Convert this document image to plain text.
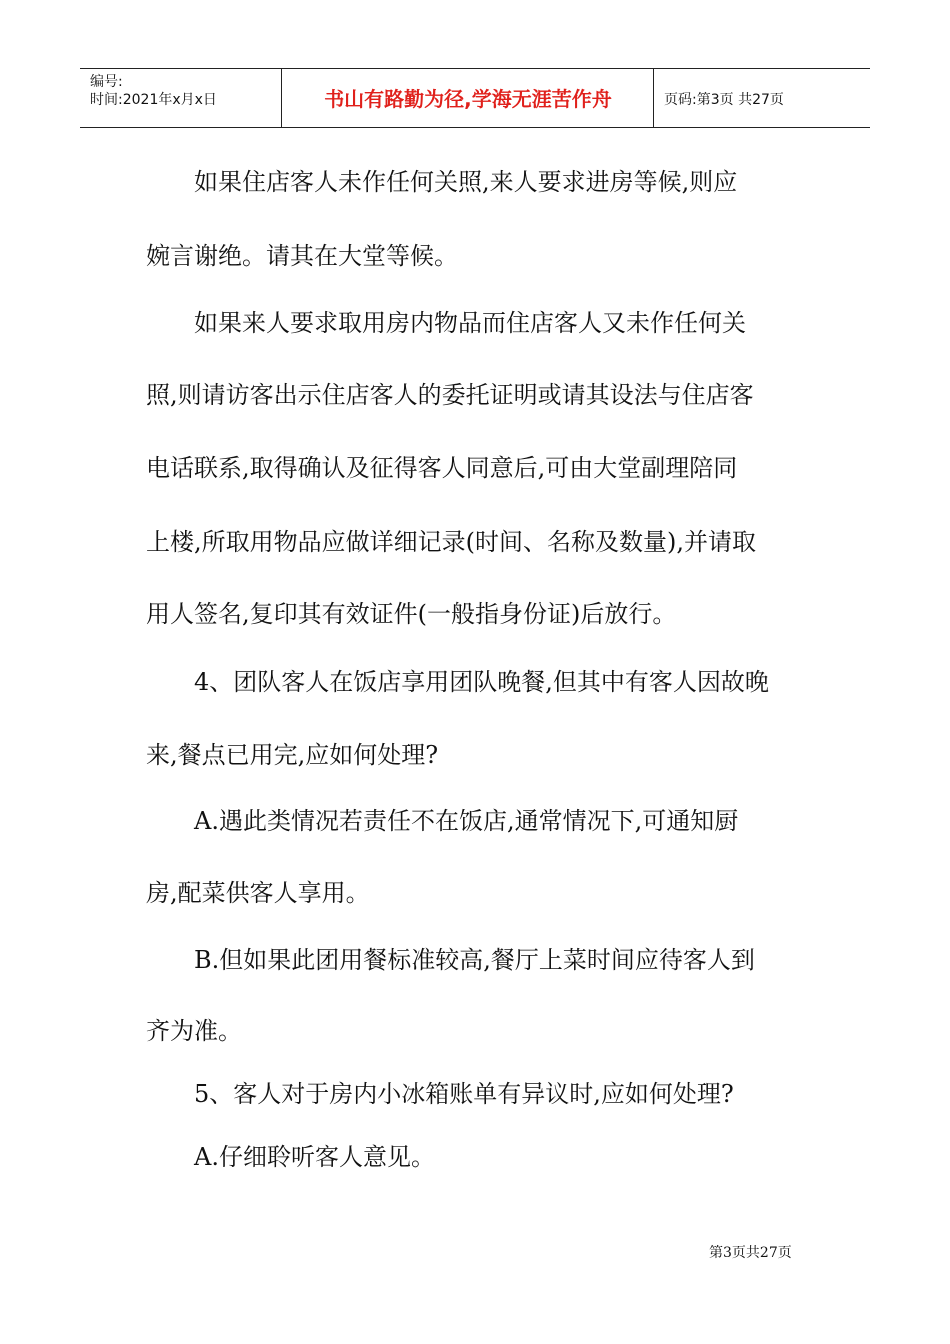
编号:
时间:2021年x月x日	书山有路勤为径,学海无涯苦作舟	页码:第3页 共27页
　　如果住店客人未作任何关照,来人要求进房等候,则应
婉言谢绝。请其在大堂等候。
　　如果来人要求取用房内物品而住店客人又未作任何关
照,则请访客出示住店客人的委托证明或请其设法与住店客
电话联系,取得确认及征得客人同意后,可由大堂副理陪同
上楼,所取用物品应做详细记录(时间、名称及数量),并请取
用人签名,复印其有效证件(一般指身份证)后放行。
　　4、团队客人在饭店享用团队晚餐,但其中有客人因故晚
来,餐点已用完,应如何处理?
　　A.遇此类情况若责任不在饭店,通常情况下,可通知厨
房,配菜供客人享用。
　　B.但如果此团用餐标准较高,餐厅上菜时间应待客人到
齐为准。
　　5、客人对于房内小冰箱账单有异议时,应如何处理?
　　A.仔细聆听客人意见。
第3页共27页
